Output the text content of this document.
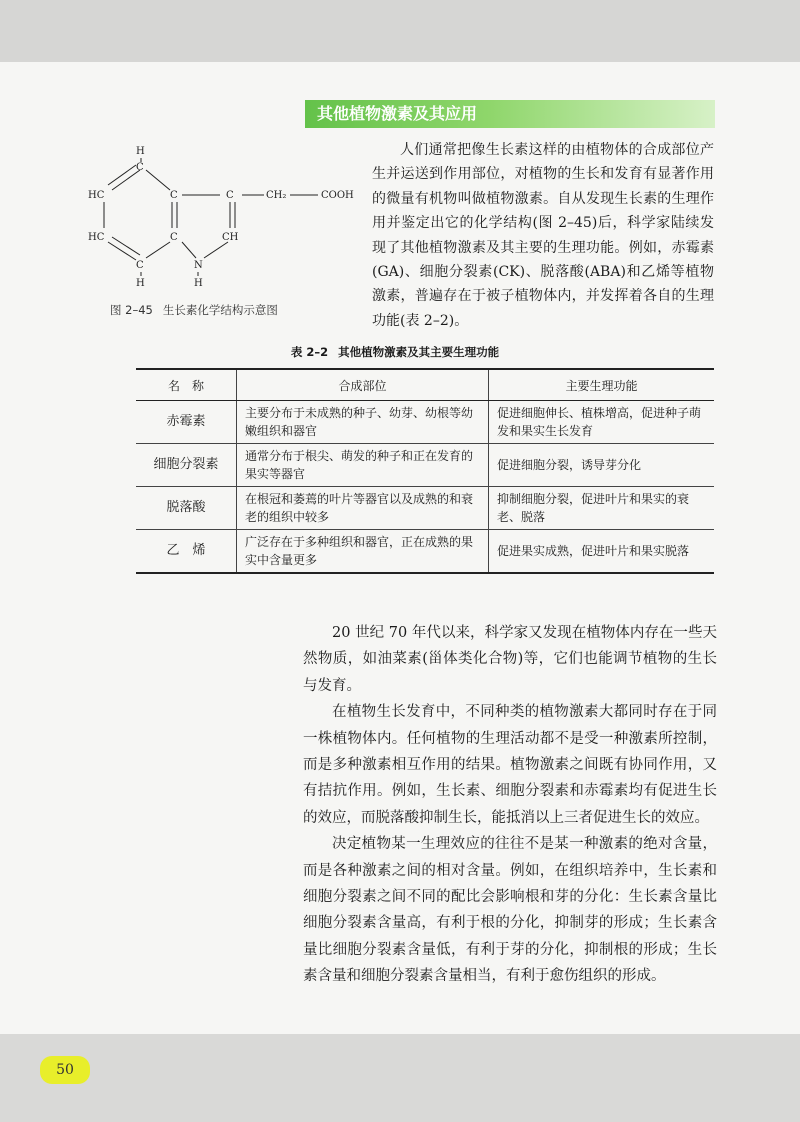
其他植物激素及其应用
H
C
HC	C	C	CH₂	COOH
HC	C	CH
C	N
H	H
图 2–45 生长素化学结构示意图

人们通常把像生长素这样的由植物体的合成部位产生并运送到作用部位，对植物的生长和发育有显著作用的微量有机物叫做植物激素。自从发现生长素的生理作用并鉴定出它的化学结构(图 2–45)后，科学家陆续发现了其他植物激素及其主要的生理功能。例如，赤霉素(GA)、细胞分裂素(CK)、脱落酸(ABA)和乙烯等植物激素，普遍存在于被子植物体内，并发挥着各自的生理功能(表 2–2)。

表 2–2 其他植物激素及其主要生理功能
名　称	合成部位	主要生理功能
赤霉素	主要分布于未成熟的种子、幼芽、幼根等幼嫩组织和器官	促进细胞伸长、植株增高，促进种子萌发和果实生长发育
细胞分裂素	通常分布于根尖、萌发的种子和正在发育的果实等器官	促进细胞分裂，诱导芽分化
脱落酸	在根冠和萎蔫的叶片等器官以及成熟的和衰老的组织中较多	抑制细胞分裂，促进叶片和果实的衰老、脱落
乙　烯	广泛存在于多种组织和器官，正在成熟的果实中含量更多	促进果实成熟，促进叶片和果实脱落

20 世纪 70 年代以来，科学家又发现在植物体内存在一些天然物质，如油菜素(甾体类化合物)等，它们也能调节植物的生长与发育。

在植物生长发育中，不同种类的植物激素大都同时存在于同一株植物体内。任何植物的生理活动都不是受一种激素所控制，而是多种激素相互作用的结果。植物激素之间既有协同作用，又有拮抗作用。例如，生长素、细胞分裂素和赤霉素均有促进生长的效应，而脱落酸抑制生长，能抵消以上三者促进生长的效应。

决定植物某一生理效应的往往不是某一种激素的绝对含量，而是各种激素之间的相对含量。例如，在组织培养中，生长素和细胞分裂素之间不同的配比会影响根和芽的分化：生长素含量比细胞分裂素含量高，有利于根的分化，抑制芽的形成；生长素含量比细胞分裂素含量低，有利于芽的分化，抑制根的形成；生长素含量和细胞分裂素含量相当，有利于愈伤组织的形成。

50
